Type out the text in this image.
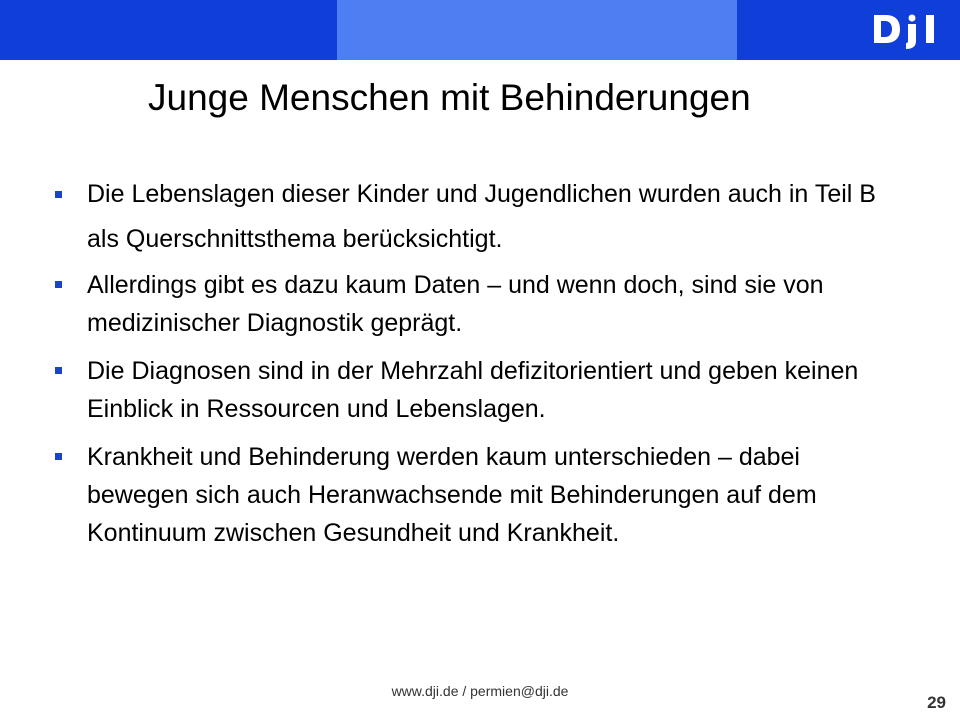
Junge Menschen mit Behinderungen
Die Lebenslagen dieser Kinder und Jugendlichen wurden auch in Teil B als Querschnittsthema berücksichtigt.
Allerdings gibt es dazu kaum Daten – und wenn doch, sind sie von medizinischer Diagnostik geprägt.
Die Diagnosen sind in der Mehrzahl defizitorientiert und geben keinen Einblick in Ressourcen und Lebenslagen.
Krankheit und Behinderung werden kaum unterschieden – dabei bewegen sich auch Heranwachsende mit Behinderungen auf dem Kontinuum zwischen Gesundheit und Krankheit.

www.dji.de / permien@dji.de

29
